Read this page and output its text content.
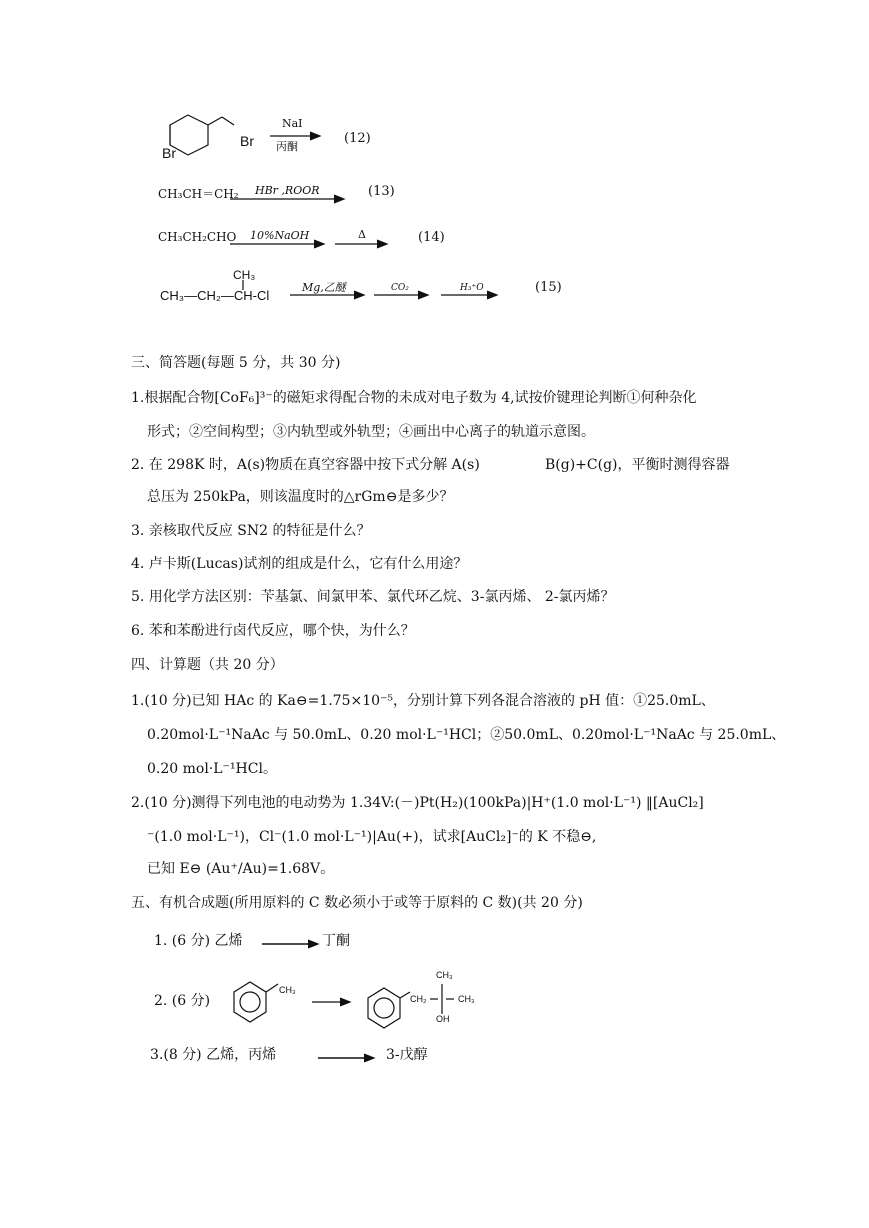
Br
Br
NaI
丙酮
(12)
CH₃CH＝CH₂ HBr ,ROOR	(13)
CH₃CH₂CHO 10%NaOH	Δ	(14)
CH₃
CH₃—CH₂—CH-Cl
Mg,乙醚	CO₂	H₃⁺O	(15)
三、简答题(每题 5 分，共 30 分)
1.根据配合物[CoF₆]³⁻的磁矩求得配合物的未成对电子数为 4,试按价键理论判断①何种杂化
形式；②空间构型；③内轨型或外轨型；④画出中心离子的轨道示意图。
2. 在 298K 时，A(s)物质在真空容器中按下式分解 A(s)	B(g)+C(g)，平衡时测得容器
总压为 250kPa，则该温度时的△rGm⊖是多少？
3. 亲核取代反应 SN2 的特征是什么？
4. 卢卡斯(Lucas)试剂的组成是什么，它有什么用途？
5. 用化学方法区别：苄基氯、间氯甲苯、氯代环乙烷、3-氯丙烯、 2-氯丙烯？
6. 苯和苯酚进行卤代反应，哪个快，为什么？
四、计算题（共 20 分）
1.(10 分)已知 HAc 的 Ka⊖=1.75×10⁻⁵，分别计算下列各混合溶液的 pH 值：①25.0mL、
0.20mol·L⁻¹NaAc 与 50.0mL、0.20 mol·L⁻¹HCl；②50.0mL、0.20mol·L⁻¹NaAc 与 25.0mL、
0.20 mol·L⁻¹HCl。
2.(10 分)测得下列电池的电动势为 1.34V:(－)Pt(H₂)(100kPa)|H⁺(1.0 mol·L⁻¹) ‖[AuCl₂]
⁻(1.0 mol·L⁻¹)，Cl⁻(1.0 mol·L⁻¹)|Au(+)，试求[AuCl₂]⁻的 K 不稳⊖,
已知 E⊖ (Au⁺/Au)=1.68V。
五、有机合成题(所用原料的 C 数必须小于或等于原料的 C 数)(共 20 分)
1. (6 分) 乙烯	丁酮
2. (6 分)
CH₃
CH₂
CH₃
CH₃
OH
3.(8 分) 乙烯，丙烯	3-戊醇
